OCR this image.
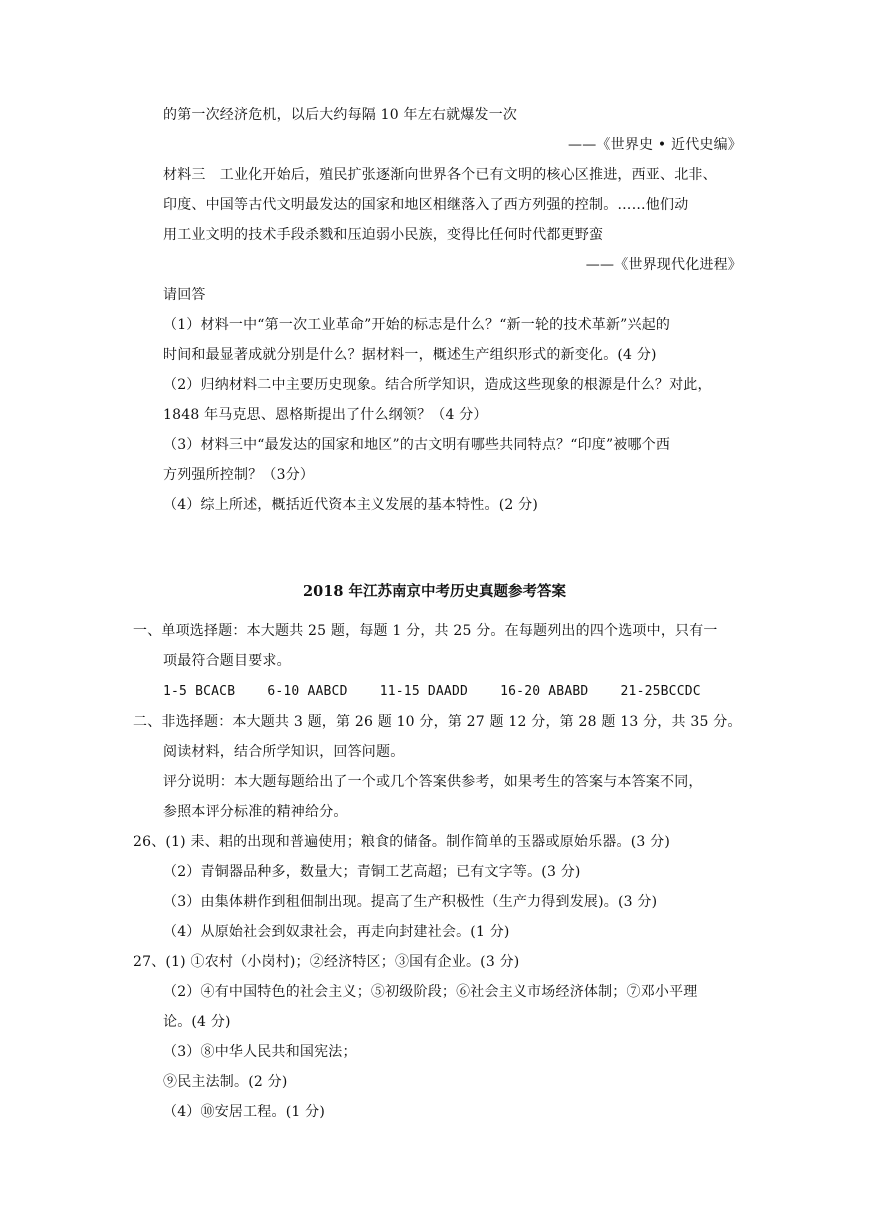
的第一次经济危机，以后大约每隔 10 年左右就爆发一次
——《世界史 • 近代史编》
材料三　工业化开始后，殖民扩张逐渐向世界各个已有文明的核心区推进，西亚、北非、
印度、中国等古代文明最发达的国家和地区相继落入了西方列强的控制。……他们动
用工业文明的技术手段杀戮和压迫弱小民族，变得比任何时代都更野蛮
——《世界现代化进程》
请回答
（1）材料一中“第一次工业革命”开始的标志是什么？“新一轮的技术革新”兴起的
时间和最显著成就分别是什么？据材料一，概述生产组织形式的新变化。(4 分)
（2）归纳材料二中主要历史现象。结合所学知识，造成这些现象的根源是什么？对此，
1848 年马克思、恩格斯提出了什么纲领？（4 分）
（3）材料三中“最发达的国家和地区”的古文明有哪些共同特点？“印度”被哪个西
方列强所控制？（3分）
（4）综上所述，概括近代资本主义发展的基本特性。(2 分)
2018 年江苏南京中考历史真题参考答案
一、单项选择题：本大题共 25 题，每题 1 分，共 25 分。在每题列出的四个选项中，只有一
项最符合题目要求。
1-5 BCACB    6-10 AABCD    11-15 DAADD    16-20 ABABD    21-25BCCDC
二、非选择题：本大题共 3 题，第 26 题 10 分，第 27 题 12 分，第 28 题 13 分，共 35 分。
阅读材料，结合所学知识，回答问题。
评分说明：本大题每题给出了一个或几个答案供参考，如果考生的答案与本答案不同，
参照本评分标准的精神给分。
26、(1) 耒、耜的出现和普遍使用；粮食的储备。制作简单的玉器或原始乐器。(3 分)
（2）青铜器品种多，数量大；青铜工艺高超；已有文字等。(3 分)
（3）由集体耕作到租佃制出现。提高了生产积极性（生产力得到发展)。(3 分)
（4）从原始社会到奴隶社会，再走向封建社会。(1 分)
27、(1) ①农村（小岗村)；②经济特区；③国有企业。(3 分)
（2）④有中国特色的社会主义；⑤初级阶段；⑥社会主义市场经济体制；⑦邓小平理
论。(4 分)
（3）⑧中华人民共和国宪法；
⑨民主法制。(2 分)
（4）⑩安居工程。(1 分)
